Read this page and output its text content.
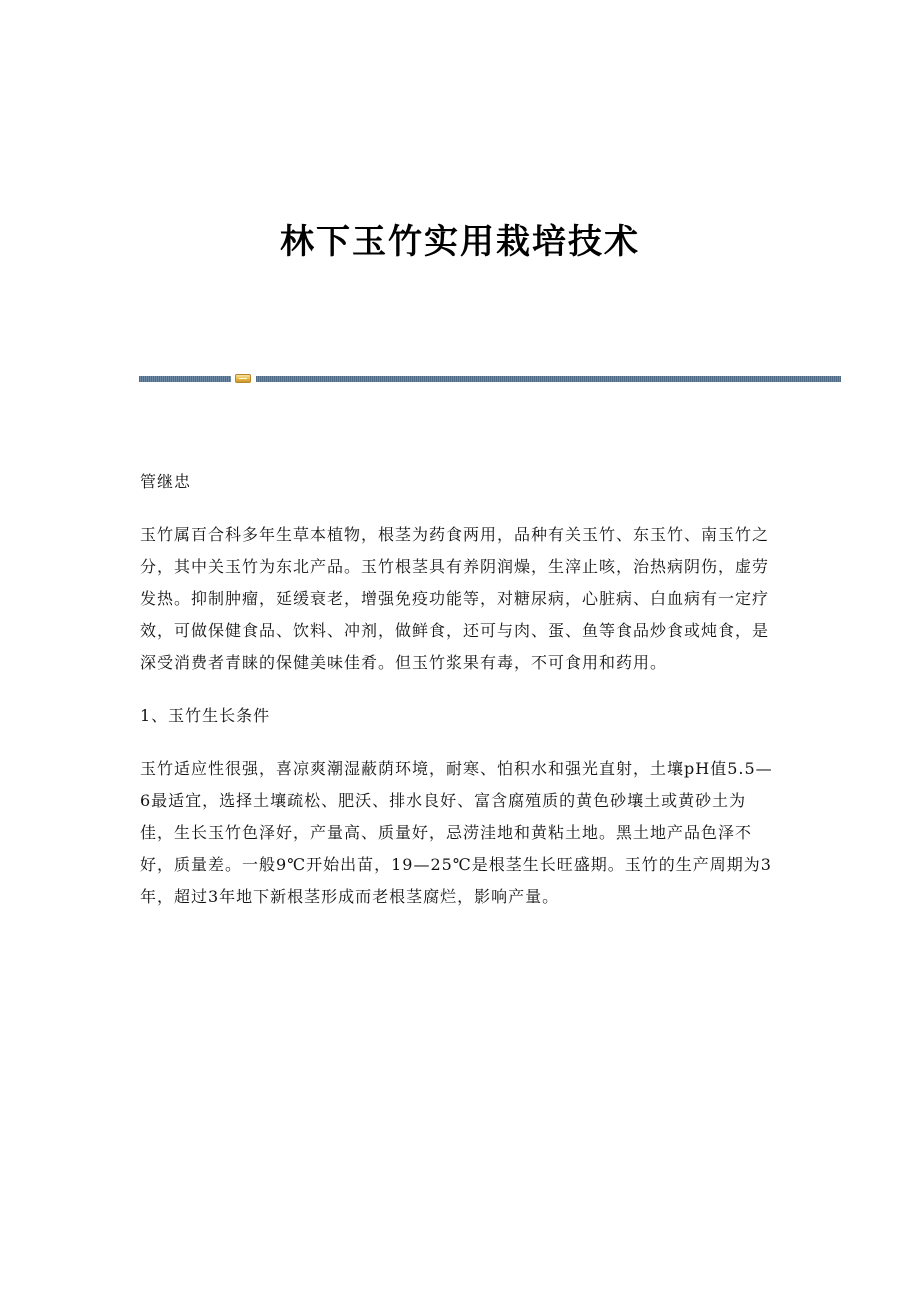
林下玉竹实用栽培技术

管继忠

玉竹属百合科多年生草本植物，根茎为药食两用，品种有关玉竹、东玉竹、南玉竹之分，其中关玉竹为东北产品。玉竹根茎具有养阴润燥，生滓止咳，治热病阴伤，虚劳发热。抑制肿瘤，延缓衰老，增强免疫功能等，对糖尿病，心脏病、白血病有一定疗效，可做保健食品、饮料、冲剂，做鲜食，还可与肉、蛋、鱼等食品炒食或炖食，是深受消费者青睐的保健美味佳肴。但玉竹浆果有毒，不可食用和药用。

1、玉竹生长条件

玉竹适应性很强，喜凉爽潮湿蔽荫环境，耐寒、怕积水和强光直射，土壤pH值5.5—6最适宜，选择土壤疏松、肥沃、排水良好、富含腐殖质的黄色砂壤土或黄砂土为佳，生长玉竹色泽好，产量高、质量好，忌涝洼地和黄粘土地。黑土地产品色泽不好，质量差。一般9℃开始出苗，19—25℃是根茎生长旺盛期。玉竹的生产周期为3年，超过3年地下新根茎形成而老根茎腐烂，影响产量。
